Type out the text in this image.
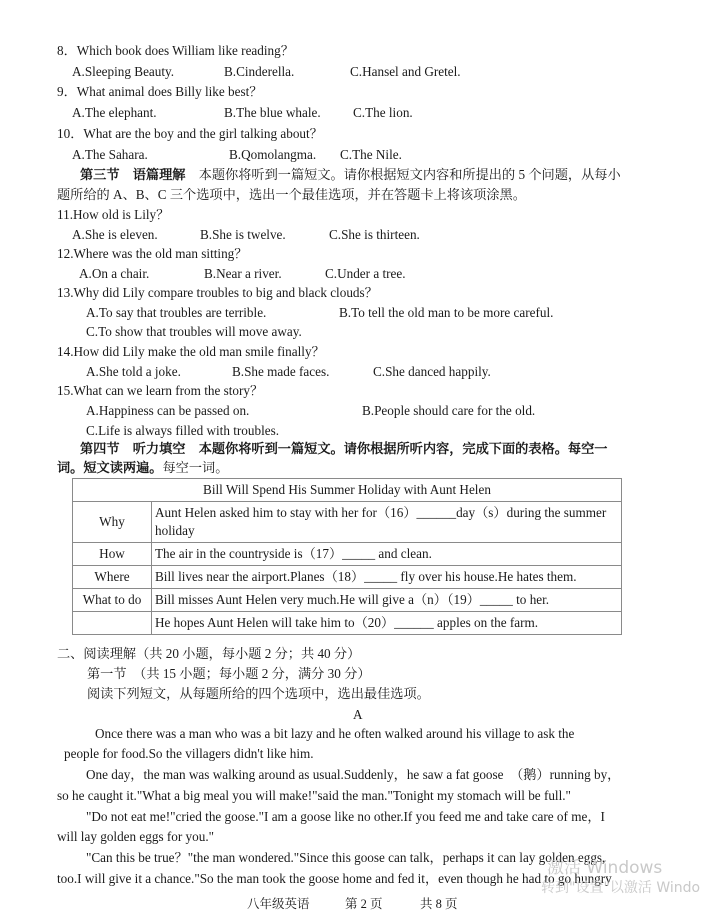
8．Which book does William like reading？
A.Sleeping Beauty.	B.Cinderella.	C.Hansel and Gretel.
9．What animal does Billy like best？
A.The elephant.	B.The blue whale. C.The lion.
10．What are the boy and the girl talking about？
A.The Sahara.	B.Qomolangma. C.The Nile.
第三节　语篇理解　 本题你将听到一篇短文。请你根据短文内容和所提出的 5 个问题，从每小
题所给的 A、B、C 三个选项中，选出一个最佳选项，并在答题卡上将该项涂黑。
11.How old is Lily？
A.She is eleven.	B.She is twelve.	C.She is thirteen.
12.Where was the old man sitting？
A.On a chair.	B.Near a river.	C.Under a tree.
13.Why did Lily compare troubles to big and black clouds？
A.To say that troubles are terrible.	B.To tell the old man to be more careful.
C.To show that troubles will move away.
14.How did Lily make the old man smile finally？
A.She told a joke.	B.She made faces.	C.She danced happily.
15.What can we learn from the story？
A.Happiness can be passed on.	B.People should care for the old.
C.Life is always filled with troubles.
第四节　听力填空　 本题你将听到一篇短文。请你根据所听内容，完成下面的表格。每空一
词。短文读两遍。每空一词。
Bill Will Spend His Summer Holiday with Aunt Helen	
Why	Aunt Helen asked him to stay with her for（16）______day（s）during the summer
holiday

How	The air in the countryside is（17）_____ and clean.
Where	Bill lives near the airport.Planes（18）_____ fly over his house.He hates them.
What to do	Bill misses Aunt Helen very much.He will give a（n）（19）_____ to her.
	He hopes Aunt Helen will take him to（20）______ apples on the farm.
二、阅读理解（共 20 小题，每小题 2 分；共 40 分）
第一节　（共 15 小题；每小题 2 分，满分 30 分）
阅读下列短文，从每题所给的四个选项中，选出最佳选项。
A
Once there was a man who was a bit lazy and he often walked around his village to ask the
people for food.So the villagers didn't like him.
One day，the man was walking around as usual.Suddenly，he saw a fat goose　（鹅）running by，
so he caught it."What a big meal you will make!"said the man."Tonight my stomach will be full."
"Do not eat me!"cried the goose."I am a goose like no other.If you feed me and take care of me，I
will lay golden eggs for you."
"Can this be true？"the man wondered."Since this goose can talk，perhaps it can lay golden eggs,
too.I will give it a chance."So the man took the goose home and fed it，even though he had to go hungry
激活 Windows
转到"设置"以激活 Windo
八年级英语	第 2 页	共 8 页
